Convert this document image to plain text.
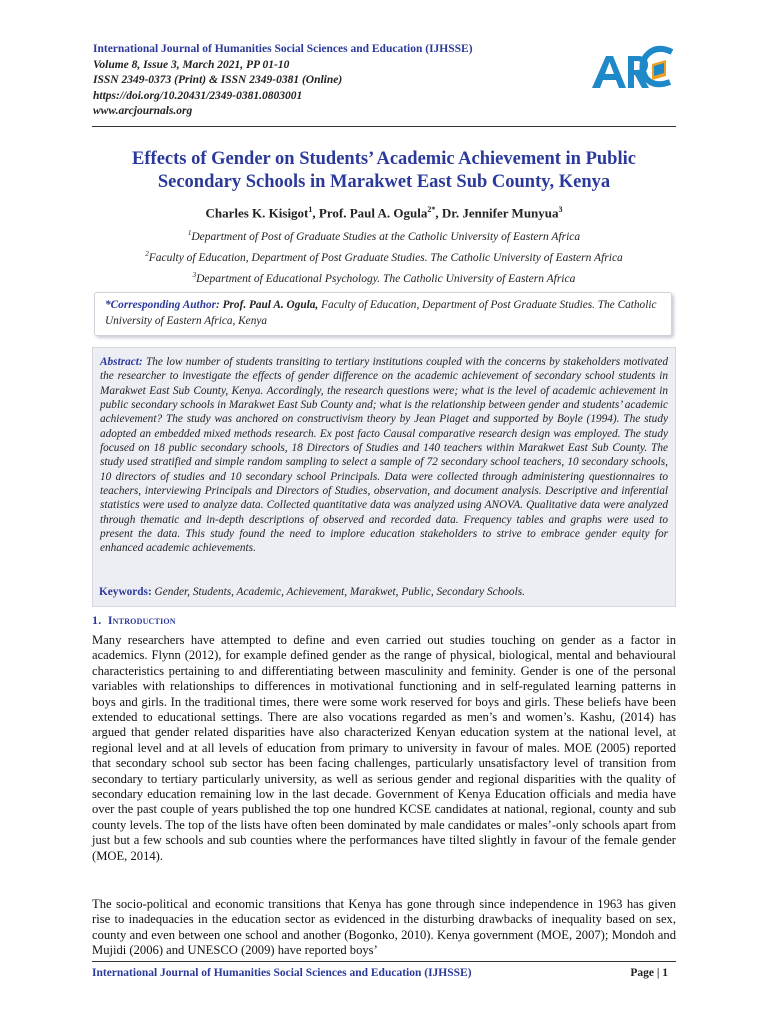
International Journal of Humanities Social Sciences and Education (IJHSSE)
Volume 8, Issue 3, March 2021, PP 01-10
ISSN 2349-0373 (Print) & ISSN 2349-0381 (Online)
https://doi.org/10.20431/2349-0381.0803001
www.arcjournals.org
Effects of Gender on Students’ Academic Achievement in Public
Secondary Schools in Marakwet East Sub County, Kenya
Charles K. Kisigot$^1$, Prof. Paul A. Ogula$^{2*}$, Dr. Jennifer Munyua$^3$
$^1$Department of Post of Graduate Studies at the Catholic University of Eastern Africa
$^2$Faculty of Education, Department of Post Graduate Studies. The Catholic University of Eastern Africa
$^3$Department of Educational Psychology. The Catholic University of Eastern Africa
*Corresponding Author: Prof. Paul A. Ogula, Faculty of Education, Department of Post Graduate Studies. The Catholic University of Eastern Africa, Kenya
Abstract: The low number of students transiting to tertiary institutions coupled with the concerns by stakeholders motivated the researcher to investigate the effects of gender difference on the academic achievement of secondary school students in Marakwet East Sub County, Kenya. Accordingly, the research questions were; what is the level of academic achievement in public secondary schools in Marakwet East Sub County and; what is the relationship between gender and students’ academic achievement? The study was anchored on constructivism theory by Jean Piaget and supported by Boyle (1994). The study adopted an embedded mixed methods research. Ex post facto Causal comparative research design was employed. The study focused on 18 public secondary schools, 18 Directors of Studies and 140 teachers within Marakwet East Sub County. The study used stratified and simple random sampling to select a sample of 72 secondary school teachers, 10 secondary schools, 10 directors of studies and 10 secondary school Principals. Data were collected through administering questionnaires to teachers, interviewing Principals and Directors of Studies, observation, and document analysis. Descriptive and inferential statistics were used to analyze data. Collected quantitative data was analyzed using ANOVA. Qualitative data were analyzed through thematic and in-depth descriptions of observed and recorded data. Frequency tables and graphs were used to present the data. This study found the need to implore education stakeholders to strive to embrace gender equity for enhanced academic achievements.
Keywords: Gender, Students, Academic, Achievement, Marakwet, Public, Secondary Schools.
1. Introduction
Many researchers have attempted to define and even carried out studies touching on gender as a factor in academics. Flynn (2012), for example defined gender as the range of physical, biological, mental and behavioural characteristics pertaining to and differentiating between masculinity and feminity. Gender is one of the personal variables with relationships to differences in motivational functioning and in self-regulated learning patterns in boys and girls. In the traditional times, there were some work reserved for boys and girls. These beliefs have been extended to educational settings. There are also vocations regarded as men’s and women’s. Kashu, (2014) has argued that gender related disparities have also characterized Kenyan education system at the national level, at regional level and at all levels of education from primary to university in favour of males. MOE (2005) reported that secondary school sub sector has been facing challenges, particularly unsatisfactory level of transition from secondary to tertiary particularly university, as well as serious gender and regional disparities with the quality of secondary education remaining low in the last decade. Government of Kenya Education officials and media have over the past couple of years published the top one hundred KCSE candidates at national, regional, county and sub county levels. The top of the lists have often been dominated by male candidates or males’-only schools apart from just but a few schools and sub counties where the performances have tilted slightly in favour of the female gender (MOE, 2014).
The socio-political and economic transitions that Kenya has gone through since independence in 1963 has given rise to inadequacies in the education sector as evidenced in the disturbing drawbacks of inequality based on sex, county and even between one school and another (Bogonko, 2010). Kenya government (MOE, 2007); Mondoh and Mujidi (2006) and UNESCO (2009) have reported boys’
International Journal of Humanities Social Sciences and Education (IJHSSE)	Page | 1
